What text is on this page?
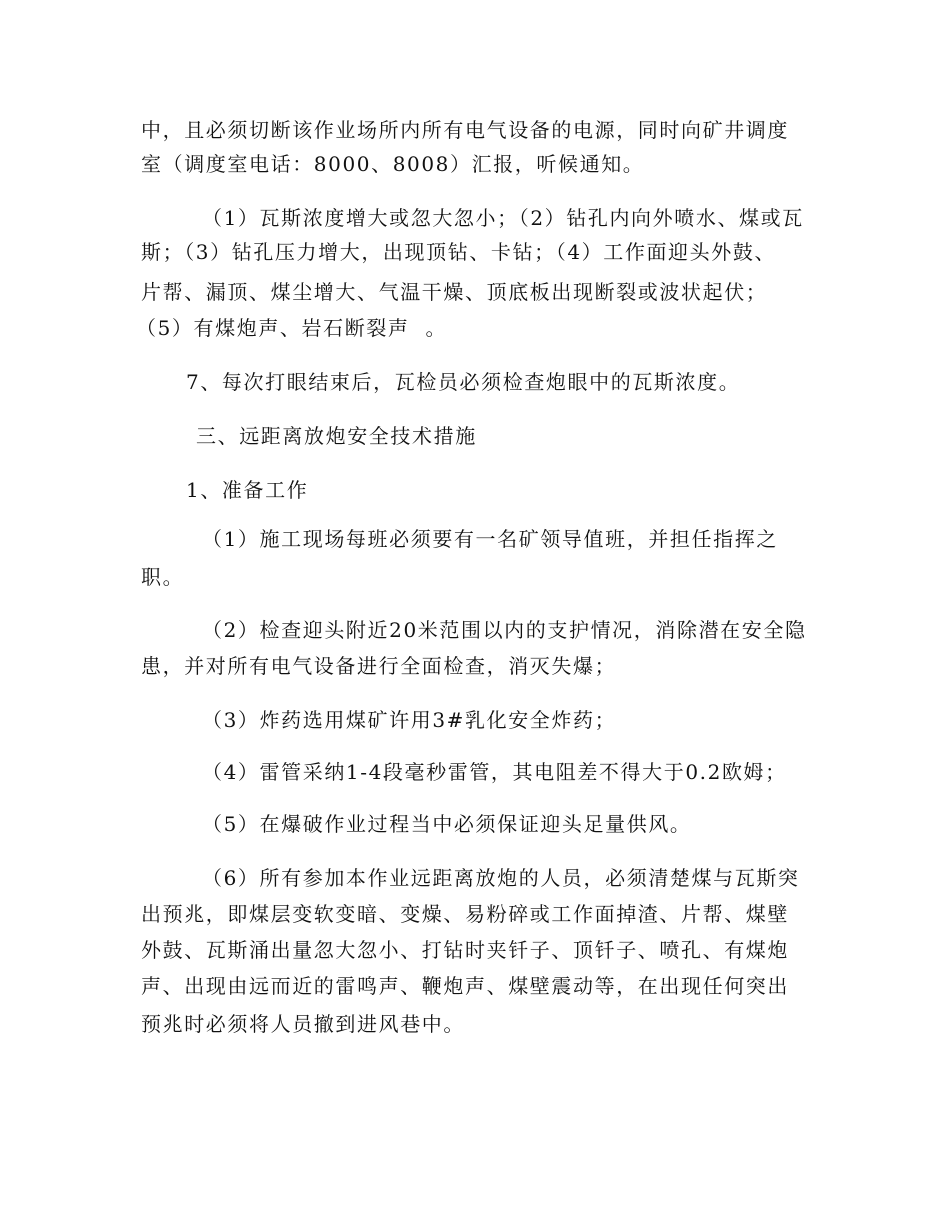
中，且必须切断该作业场所内所有电气设备的电源，同时向矿井调度
室（调度室电话：8000、8008）汇报，听候通知。
（1）瓦斯浓度增大或忽大忽小；（2）钻孔内向外喷水、煤或瓦
斯；（3）钻孔压力增大，出现顶钻、卡钻；（4）工作面迎头外鼓、
片帮、漏顶、煤尘增大、气温干燥、顶底板出现断裂或波状起伏；
（5）有煤炮声、岩石断裂声  。
7、每次打眼结束后，瓦检员必须检查炮眼中的瓦斯浓度。
三、远距离放炮安全技术措施
1、准备工作
（1）施工现场每班必须要有一名矿领导值班，并担任指挥之
职。
（2）检查迎头附近20米范围以内的支护情况，消除潜在安全隐
患，并对所有电气设备进行全面检查，消灭失爆；
（3）炸药选用煤矿许用3#乳化安全炸药；
（4）雷管采纳1-4段毫秒雷管，其电阻差不得大于0.2欧姆；
（5）在爆破作业过程当中必须保证迎头足量供风。
（6）所有参加本作业远距离放炮的人员，必须清楚煤与瓦斯突
出预兆，即煤层变软变暗、变燥、易粉碎或工作面掉渣、片帮、煤壁
外鼓、瓦斯涌出量忽大忽小、打钻时夹钎子、顶钎子、喷孔、有煤炮
声、出现由远而近的雷鸣声、鞭炮声、煤壁震动等，在出现任何突出
预兆时必须将人员撤到进风巷中。
